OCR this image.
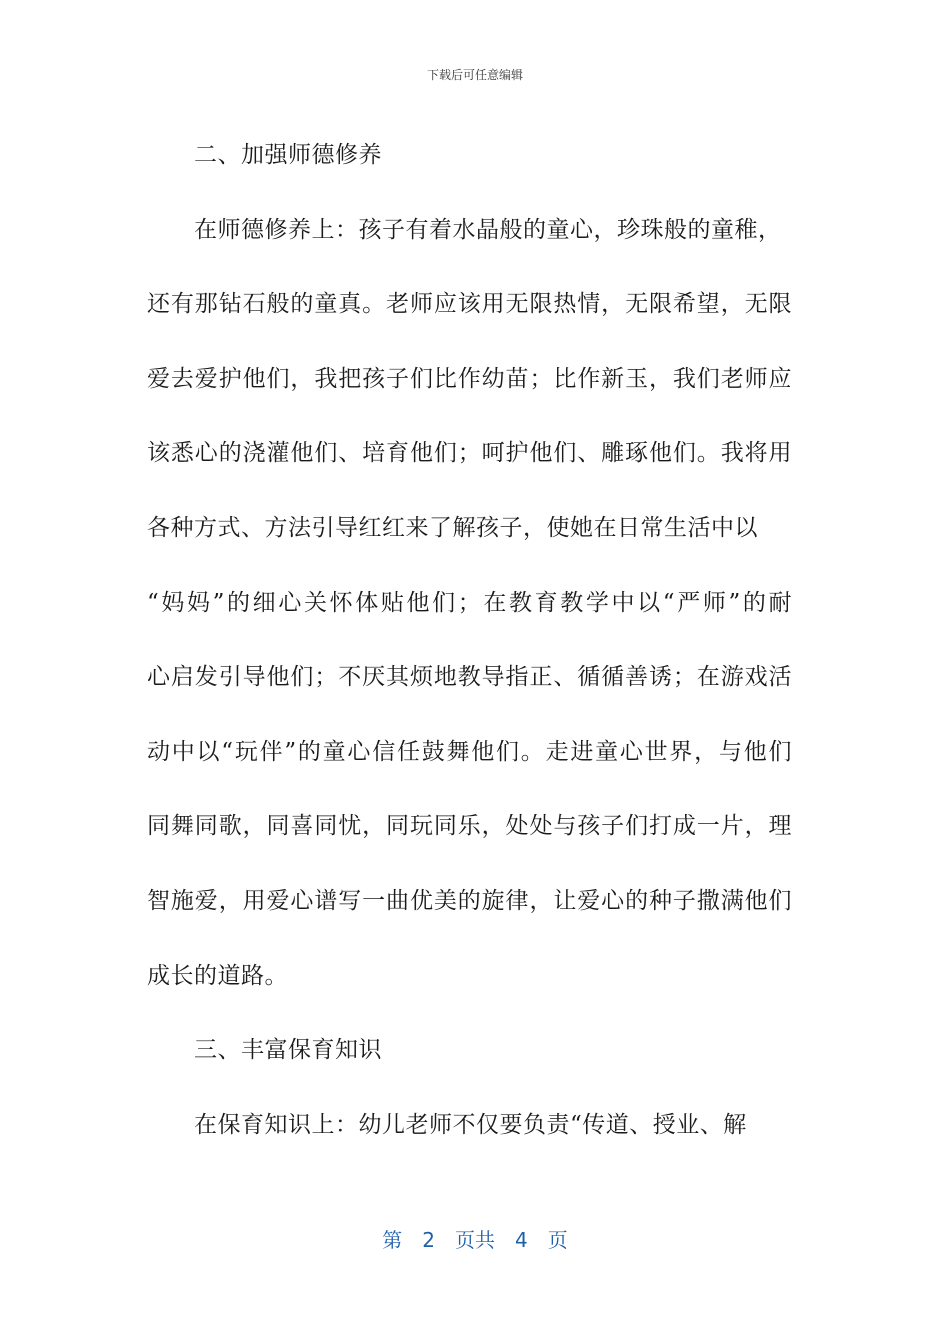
下载后可任意编辑
二、加强师德修养
在师德修养上：孩子有着水晶般的童心，珍珠般的童稚，
还有那钻石般的童真。老师应该用无限热情，无限希望，无限
爱去爱护他们，我把孩子们比作幼苗；比作新玉，我们老师应
该悉心的浇灌他们、培育他们；呵护他们、雕琢他们。我将用
各种方式、方法引导红红来了解孩子，使她在日常生活中以
“妈妈”的细心关怀体贴他们；在教育教学中以“严师”的耐
心启发引导他们；不厌其烦地教导指正、循循善诱；在游戏活
动中以“玩伴”的童心信任鼓舞他们。走进童心世界，与他们
同舞同歌，同喜同忧，同玩同乐，处处与孩子们打成一片，理
智施爱，用爱心谱写一曲优美的旋律，让爱心的种子撒满他们
成长的道路。
三、丰富保育知识
在保育知识上：幼儿老师不仅要负责“传道、授业、解
第 2 页共 4 页
